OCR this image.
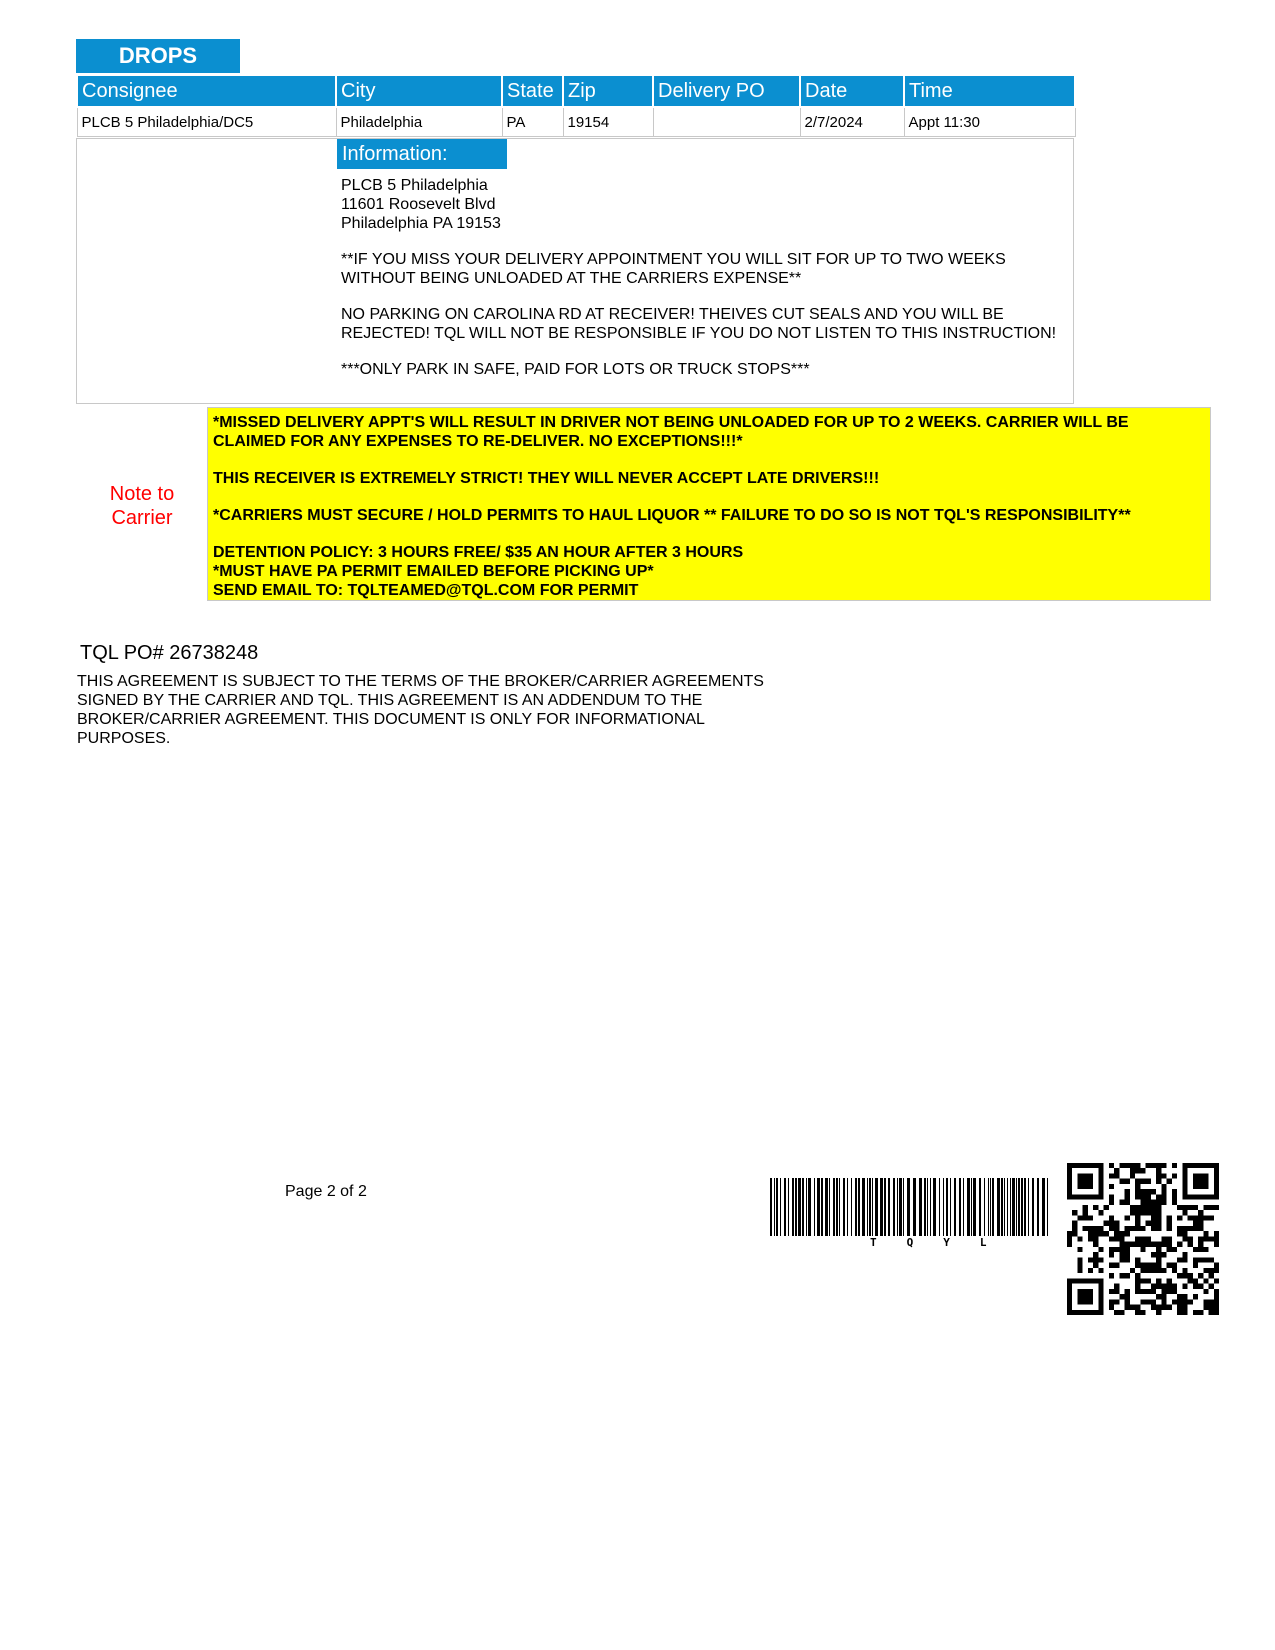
DROPS
Consignee	City	State	Zip	Delivery PO	Date	Time
PLCB 5 Philadelphia/DC5	Philadelphia	PA	19154		2/7/2024	Appt 11:30
Information:

PLCB 5 Philadelphia
11601 Roosevelt Blvd
Philadelphia PA 19153

**IF YOU MISS YOUR DELIVERY APPOINTMENT YOU WILL SIT FOR UP TO TWO WEEKS WITHOUT BEING UNLOADED AT THE CARRIERS EXPENSE**

NO PARKING ON CAROLINA RD AT RECEIVER! THEIVES CUT SEALS AND YOU WILL BE REJECTED! TQL WILL NOT BE RESPONSIBLE IF YOU DO NOT LISTEN TO THIS INSTRUCTION!

***ONLY PARK IN SAFE, PAID FOR LOTS OR TRUCK STOPS***

Note to
Carrier

*MISSED DELIVERY APPT'S WILL RESULT IN DRIVER NOT BEING UNLOADED FOR UP TO 2 WEEKS. CARRIER WILL BE CLAIMED FOR ANY EXPENSES TO RE-DELIVER. NO EXCEPTIONS!!!*

THIS RECEIVER IS EXTREMELY STRICT! THEY WILL NEVER ACCEPT LATE DRIVERS!!!

*CARRIERS MUST SECURE / HOLD PERMITS TO HAUL LIQUOR ** FAILURE TO DO SO IS NOT TQL'S RESPONSIBILITY**

DETENTION POLICY: 3 HOURS FREE/ $35 AN HOUR AFTER 3 HOURS
*MUST HAVE PA PERMIT EMAILED BEFORE PICKING UP*
SEND EMAIL TO: TQLTEAMED@TQL.COM FOR PERMIT

TQL PO# 26738248
THIS AGREEMENT IS SUBJECT TO THE TERMS OF THE BROKER/CARRIER AGREEMENTS SIGNED BY THE CARRIER AND TQL. THIS AGREEMENT IS AN ADDENDUM TO THE BROKER/CARRIER AGREEMENT. THIS DOCUMENT IS ONLY FOR INFORMATIONAL PURPOSES.
Page 2 of 2
TQYL
